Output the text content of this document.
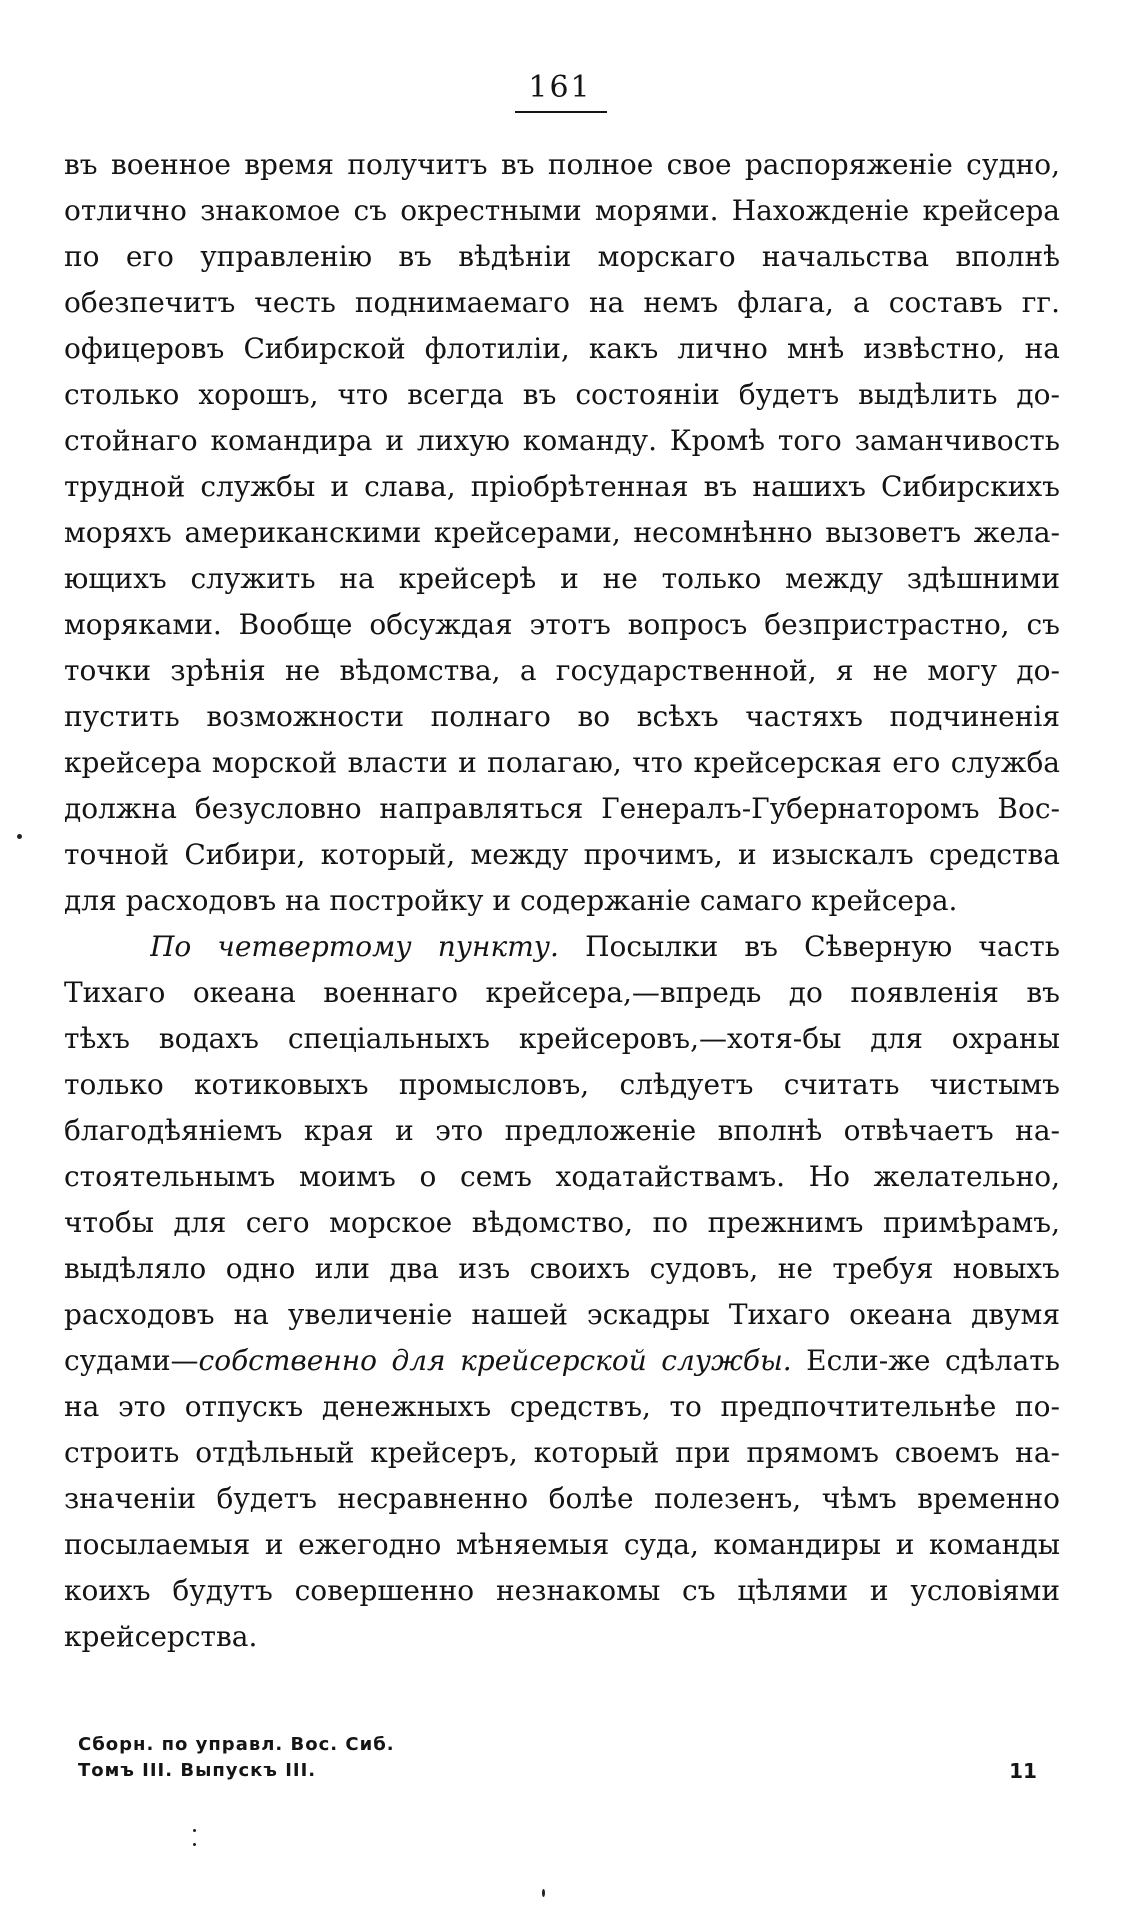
161
въ военное время получитъ въ полное свое распоряженіе судно,
отлично знакомое съ окрестными морями. Нахожденіе крейсера
по его управленію въ вѣдѣніи морскаго начальства вполнѣ
обезпечитъ честь поднимаемаго на немъ флага, а составъ гг.
офицеровъ Сибирской флотиліи, какъ лично мнѣ извѣстно, на
столько хорошъ, что всегда въ состояніи будетъ выдѣлить до-
стойнаго командира и лихую команду. Кромѣ того заманчивость
трудной службы и слава, пріобрѣтенная въ нашихъ Сибирскихъ
моряхъ американскими крейсерами, несомнѣнно вызоветъ жела-
ющихъ служить на крейсерѣ и не только между здѣшними
моряками. Вообще обсуждая этотъ вопросъ безпристрастно, съ
точки зрѣнія не вѣдомства, а государственной, я не могу до-
пустить возможности полнаго во всѣхъ частяхъ подчиненія
крейсера морской власти и полагаю, что крейсерская его служба
должна безусловно направляться Генералъ-Губернаторомъ Вос-
точной Сибири, который, между прочимъ, и изыскалъ средства
для расходовъ на постройку и содержаніе самаго крейсера.
По четвертому пункту. Посылки въ Сѣверную часть
Тихаго океана военнаго крейсера,—впредь до появленія въ
тѣхъ водахъ спеціальныхъ крейсеровъ,—хотя-бы для охраны
только котиковыхъ промысловъ, слѣдуетъ считать чистымъ
благодѣяніемъ края и это предложеніе вполнѣ отвѣчаетъ на-
стоятельнымъ моимъ о семъ ходатайствамъ. Но желательно,
чтобы для сего морское вѣдомство, по прежнимъ примѣрамъ,
выдѣляло одно или два изъ своихъ судовъ, не требуя новыхъ
расходовъ на увеличеніе нашей эскадры Тихаго океана двумя
судами—собственно для крейсерской службы. Если-же сдѣлать
на это отпускъ денежныхъ средствъ, то предпочтительнѣе по-
строить отдѣльный крейсеръ, который при прямомъ своемъ на-
значеніи будетъ несравненно болѣе полезенъ, чѣмъ временно
посылаемыя и ежегодно мѣняемыя суда, командиры и команды
коихъ будутъ совершенно незнакомы съ цѣлями и условіями
крейсерства.
Сборн. по управл. Вос. Сиб.
Томъ III. Выпускъ III.	11
